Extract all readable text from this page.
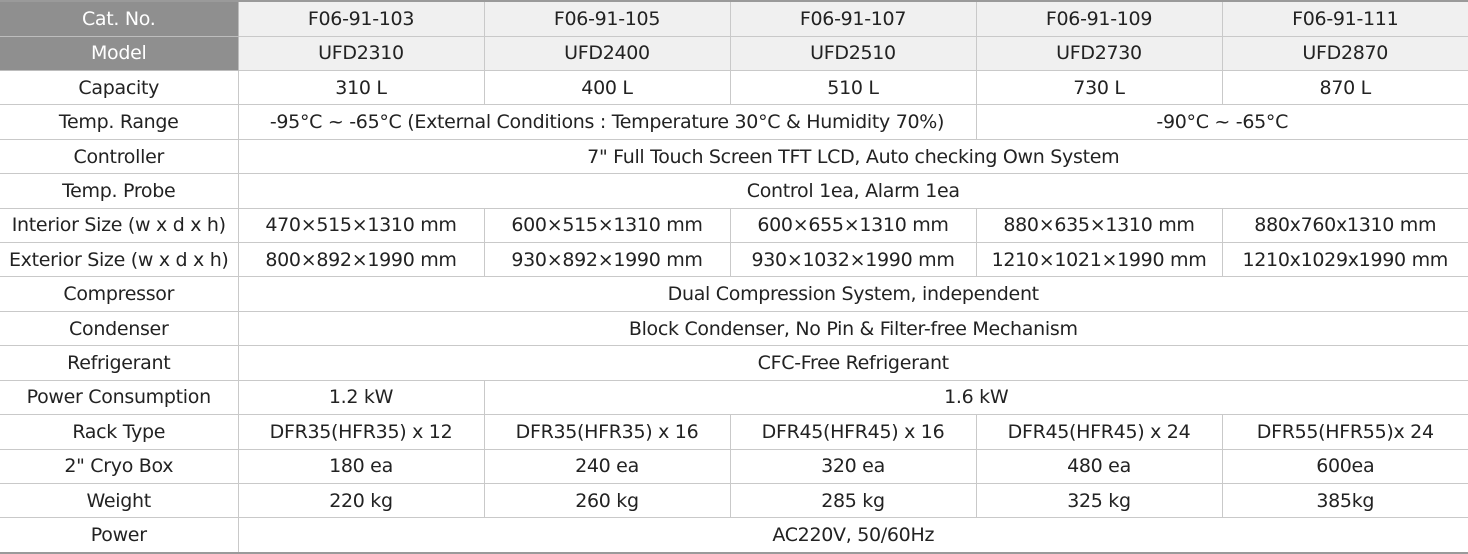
Cat. No.	F06-91-103	F06-91-105	F06-91-107	F06-91-109	F06-91-111
Model	UFD2310	UFD2400	UFD2510	UFD2730	UFD2870
Capacity	310 L	400 L	510 L	730 L	870 L
Temp. Range	-95°C ~ -65°C (External Conditions : Temperature 30°C & Humidity 70%)			-90°C ~ -65°C	
Controller	7" Full Touch Screen TFT LCD, Auto checking Own System				
Temp. Probe	Control 1ea, Alarm 1ea				
Interior Size (w x d x h)	470×515×1310 mm	600×515×1310 mm	600×655×1310 mm	880×635×1310 mm	880x760x1310 mm
Exterior Size (w x d x h)	800×892×1990 mm	930×892×1990 mm	930×1032×1990 mm	1210×1021×1990 mm	1210x1029x1990 mm
Compressor	Dual Compression System, independent				
Condenser	Block Condenser, No Pin & Filter-free Mechanism				
Refrigerant	CFC-Free Refrigerant				
Power Consumption	1.2 kW	1.6 kW			
Rack Type	DFR35(HFR35) x 12	DFR35(HFR35) x 16	DFR45(HFR45) x 16	DFR45(HFR45) x 24	DFR55(HFR55)x 24
2" Cryo Box	180 ea	240 ea	320 ea	480 ea	600ea
Weight	220 kg	260 kg	285 kg	325 kg	385kg
Power	AC220V, 50/60Hz				
